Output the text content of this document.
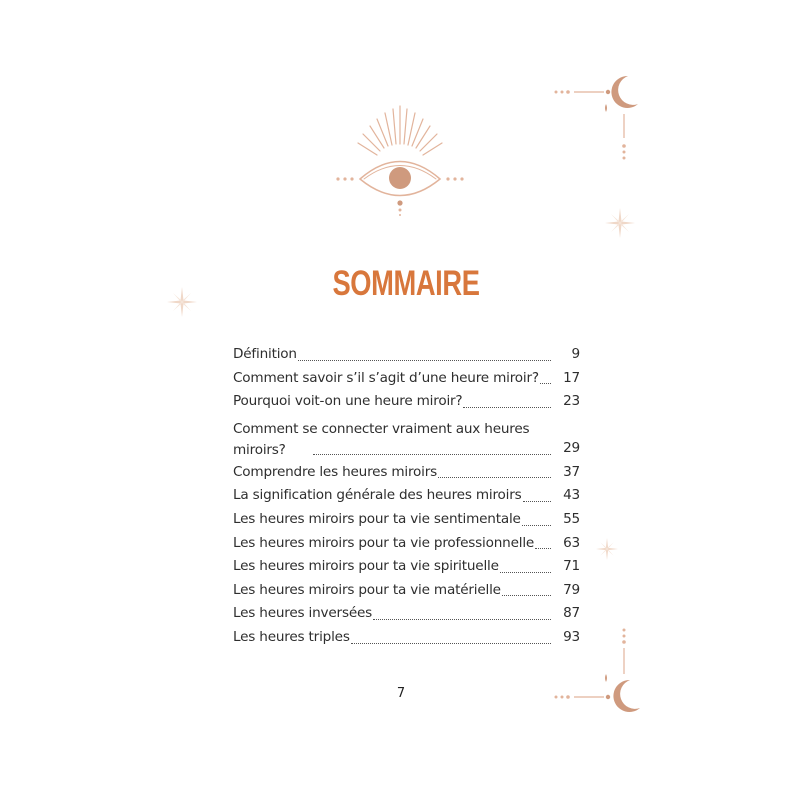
SOMMAIRE
Définition	9
Comment savoir s’il s’agit d’une heure miroir?	17
Pourquoi voit-on une heure miroir?	23
Comment se connecter vraiment aux heures miroirs?	29
Comprendre les heures miroirs	37
La signification générale des heures miroirs	43
Les heures miroirs pour ta vie sentimentale	55
Les heures miroirs pour ta vie professionnelle	63
Les heures miroirs pour ta vie spirituelle	71
Les heures miroirs pour ta vie matérielle	79
Les heures inversées	87
Les heures triples	93
7
